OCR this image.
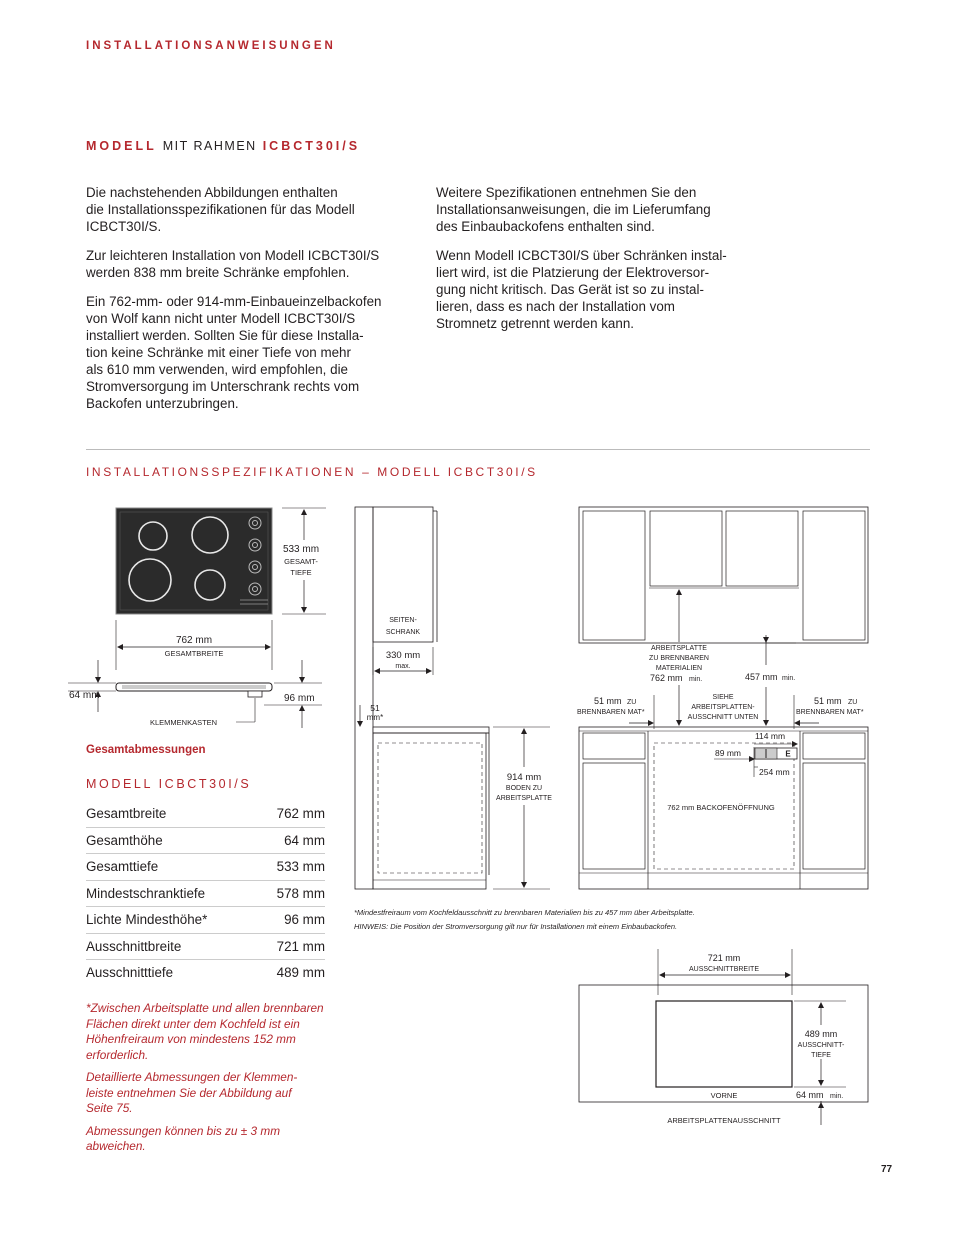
INSTALLATIONSANWEISUNGEN
MODELL MIT RAHMEN ICBCT30I/S

Die nachstehenden Abbildungen enthalten
die Installationsspezifikationen für das Modell
ICBCT30I/S.

Zur leichteren Installation von Modell ICBCT30I/S
werden 838 mm breite Schränke empfohlen.

Ein 762-mm- oder 914-mm-Einbaueinzelbackofen
von Wolf kann nicht unter Modell ICBCT30I/S
installiert werden. Sollten Sie für diese Installa-
tion keine Schränke mit einer Tiefe von mehr
als 610 mm verwenden, wird empfohlen, die
Stromversorgung im Unterschrank rechts vom
Backofen unterzubringen.

Weitere Spezifikationen entnehmen Sie den
Installationsanweisungen, die im Lieferumfang
des Einbaubackofens enthalten sind.

Wenn Modell ICBCT30I/S über Schränken instal-
liert wird, ist die Platzierung der Elektroversor-
gung nicht kritisch. Das Gerät ist so zu instal-
lieren, dass es nach der Installation vom
Stromnetz getrennt werden kann.

INSTALLATIONSSPEZIFIKATIONEN – MODELL ICBCT30I/S
533 mm
GESAMT-
TIEFE
762 mm
GESAMTBREITE
64 mm	96 mm
KLEMMENKASTEN
Gesamtabmessungen
SEITEN-
SCHRANK
330 mm
max.
51
mm*
914 mm
BODEN ZU
ARBEITSPLATTE
ARBEITSPLATTE
ZU BRENNBAREN
MATERIALIEN
762 mm min.	457 mm min.
51 mm ZU
BRENNBAREN MAT*
51 mm ZU
BRENNBAREN MAT*
SIEHE
ARBEITSPLATTEN-
AUSSCHNITT UNTEN
762 mm BACKOFENÖFFNUNG
114 mm
E
89 mm
254 mm
*Mindestfreiraum vom Kochfeldausschnitt zu brennbaren Materialien bis zu 457 mm über Arbeitsplatte.
HINWEIS: Die Position der Stromversorgung gilt nur für Installationen mit einem Einbaubackofen.
721 mm
AUSSCHNITTBREITE
489 mm
AUSSCHNITT-
TIEFE
VORNE	64 mm min.
ARBEITSPLATTENAUSSCHNITT
MODELL ICBCT30I/S
Gesamtbreite	762 mm
Gesamthöhe	64 mm
Gesamttiefe	533 mm
Mindestschranktiefe	578 mm
Lichte Mindesthöhe*	96 mm
Ausschnittbreite	721 mm
Ausschnitttiefe	489 mm

*Zwischen Arbeitsplatte und allen brennbaren
Flächen direkt unter dem Kochfeld ist ein
Höhenfreiraum von mindestens 152 mm
erforderlich.

Detaillierte Abmessungen der Klemmen-
leiste entnehmen Sie der Abbildung auf
Seite 75.

Abmessungen können bis zu ± 3 mm
abweichen.

77
